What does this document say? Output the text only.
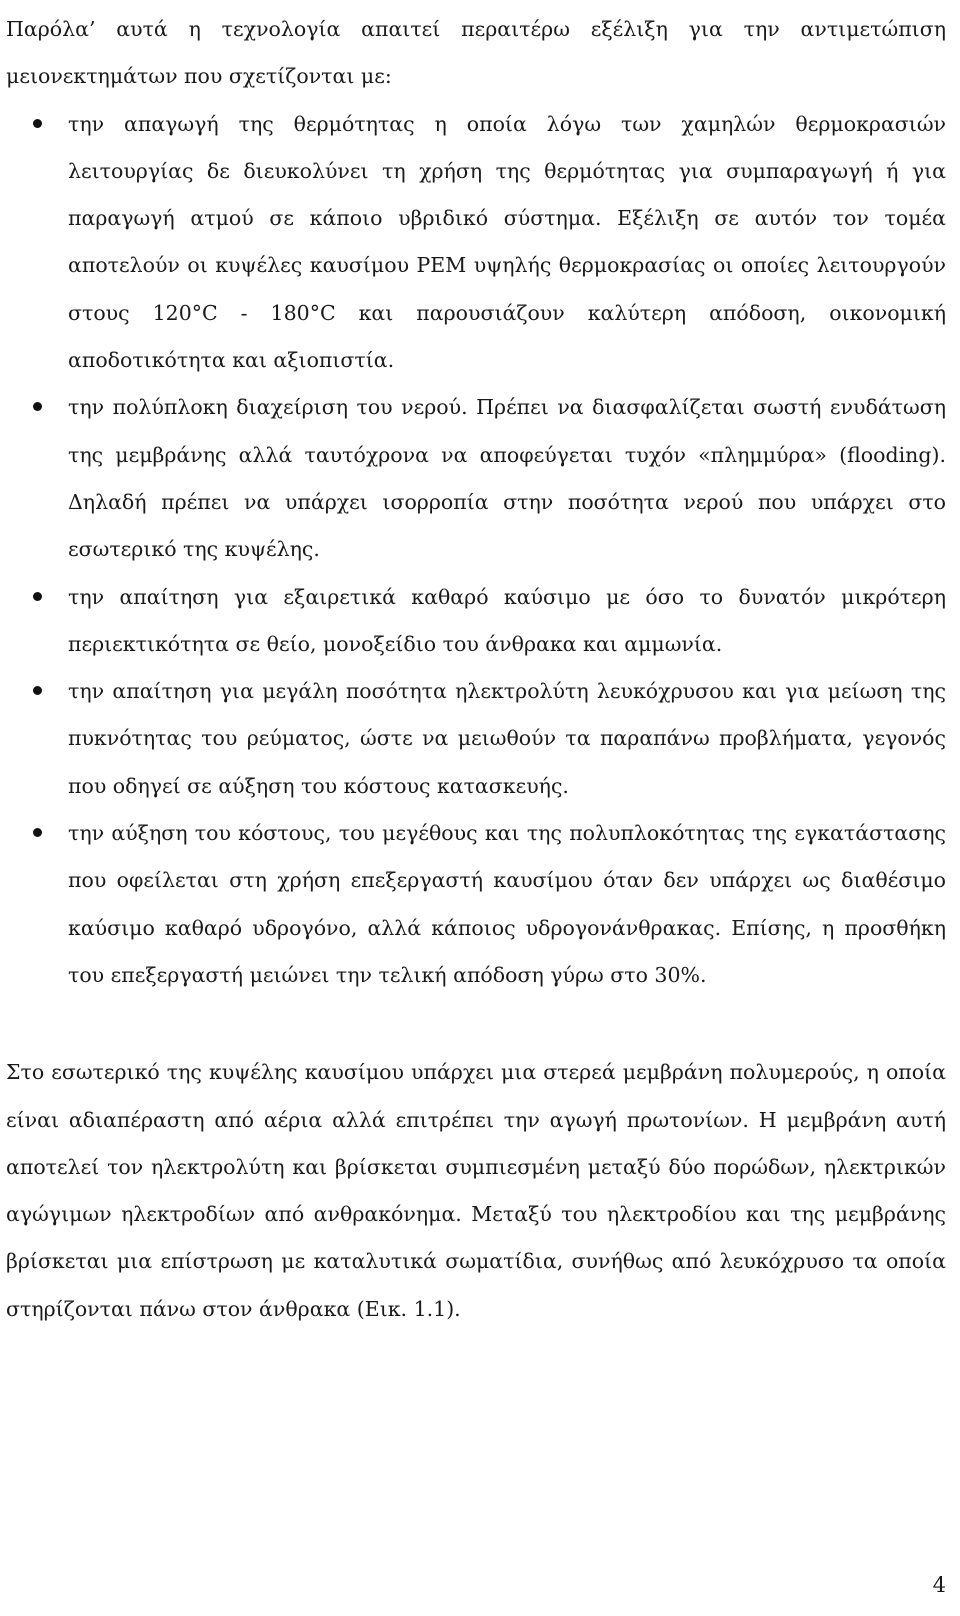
Παρόλα’ αυτά η τεχνολογία απαιτεί περαιτέρω εξέλιξη για την αντιμετώπιση μειονεκτημάτων που σχετίζονται με:

την απαγωγή της θερμότητας η οποία λόγω των χαμηλών θερμοκρασιών λειτουργίας δε διευκολύνει τη χρήση της θερμότητας για συμπαραγωγή ή για παραγωγή ατμού σε κάποιο υβριδικό σύστημα. Εξέλιξη σε αυτόν τον τομέα αποτελούν οι κυψέλες καυσίμου PEM υψηλής θερμοκρασίας οι οποίες λειτουργούν στους 120°C - 180°C και παρουσιάζουν καλύτερη απόδοση, οικονομική αποδοτικότητα και αξιοπιστία.
την πολύπλοκη διαχείριση του νερού. Πρέπει να διασφαλίζεται σωστή ενυδάτωση της μεμβράνης αλλά ταυτόχρονα να αποφεύγεται τυχόν «πλημμύρα» (flooding). Δηλαδή πρέπει να υπάρχει ισορροπία στην ποσότητα νερού που υπάρχει στο εσωτερικό της κυψέλης.
την απαίτηση για εξαιρετικά καθαρό καύσιμο με όσο το δυνατόν μικρότερη περιεκτικότητα σε θείο, μονοξείδιο του άνθρακα και αμμωνία.
την απαίτηση για μεγάλη ποσότητα ηλεκτρολύτη λευκόχρυσου και για μείωση της πυκνότητας του ρεύματος, ώστε να μειωθούν τα παραπάνω προβλήματα, γεγονός που οδηγεί σε αύξηση του κόστους κατασκευής.
την αύξηση του κόστους, του μεγέθους και της πολυπλοκότητας της εγκατάστασης που οφείλεται στη χρήση επεξεργαστή καυσίμου όταν δεν υπάρχει ως διαθέσιμο καύσιμο καθαρό υδρογόνο, αλλά κάποιος υδρογονάνθρακας. Επίσης, η προσθήκη του επεξεργαστή μειώνει την τελική απόδοση γύρω στο 30%.

Στο εσωτερικό της κυψέλης καυσίμου υπάρχει μια στερεά μεμβράνη πολυμερούς, η οποία είναι αδιαπέραστη από αέρια αλλά επιτρέπει την αγωγή πρωτονίων. Η μεμβράνη αυτή αποτελεί τον ηλεκτρολύτη και βρίσκεται συμπιεσμένη μεταξύ δύο πορώδων, ηλεκτρικών αγώγιμων ηλεκτροδίων από ανθρακόνημα. Μεταξύ του ηλεκτροδίου και της μεμβράνης βρίσκεται μια επίστρωση με καταλυτικά σωματίδια, συνήθως από λευκόχρυσο τα οποία στηρίζονται πάνω στον άνθρακα (Εικ. 1.1).

4
